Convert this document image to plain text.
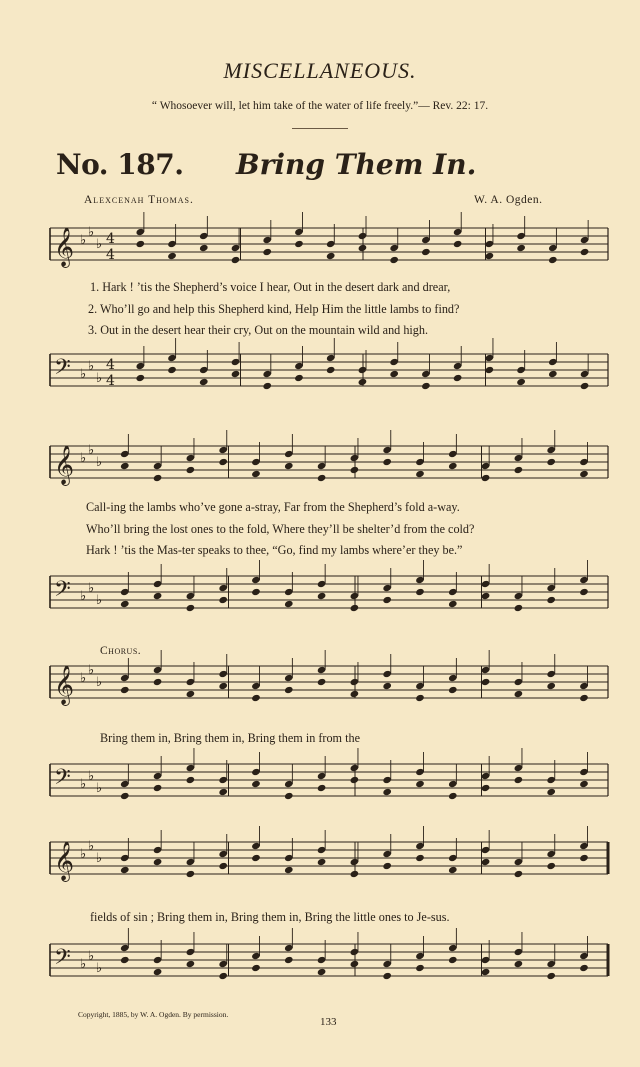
MISCELLANEOUS.
“ Whosoever will, let him take of the water of life freely.”— Rev. 22: 17.
No. 187. Bring Them In.
Alexcenah Thomas.	W. A. Ogden.
𝄞
𝄢
♭
♭
♭
♭
♭
♭
4
4
4
4
𝄞
𝄢
♭
♭
♭
♭
♭
♭
𝄞
𝄢
♭
♭
♭
♭
♭
♭
𝄞
𝄢
♭
♭
♭
♭
♭
♭
1. Hark ! ’tis the Shepherd’s voice I hear, Out in the desert dark and drear,
2. Who’ll go and help this Shepherd kind, Help Him the little lambs to find?
3. Out in the desert hear their cry, Out on the mountain wild and high.
Call-ing the lambs who’ve gone a-stray, Far from the Shepherd’s fold a-way.
Who’ll bring the lost ones to the fold, Where they’ll be shelter’d from the cold?
Hark ! ’tis the Mas-ter speaks to thee, “Go, find my lambs where’er they be.”
Chorus.
Bring them in, Bring them in, Bring them in from the
fields of sin ; Bring them in, Bring them in, Bring the little ones to Je-sus.
Copyright, 1885, by W. A. Ogden. By permission.
133
